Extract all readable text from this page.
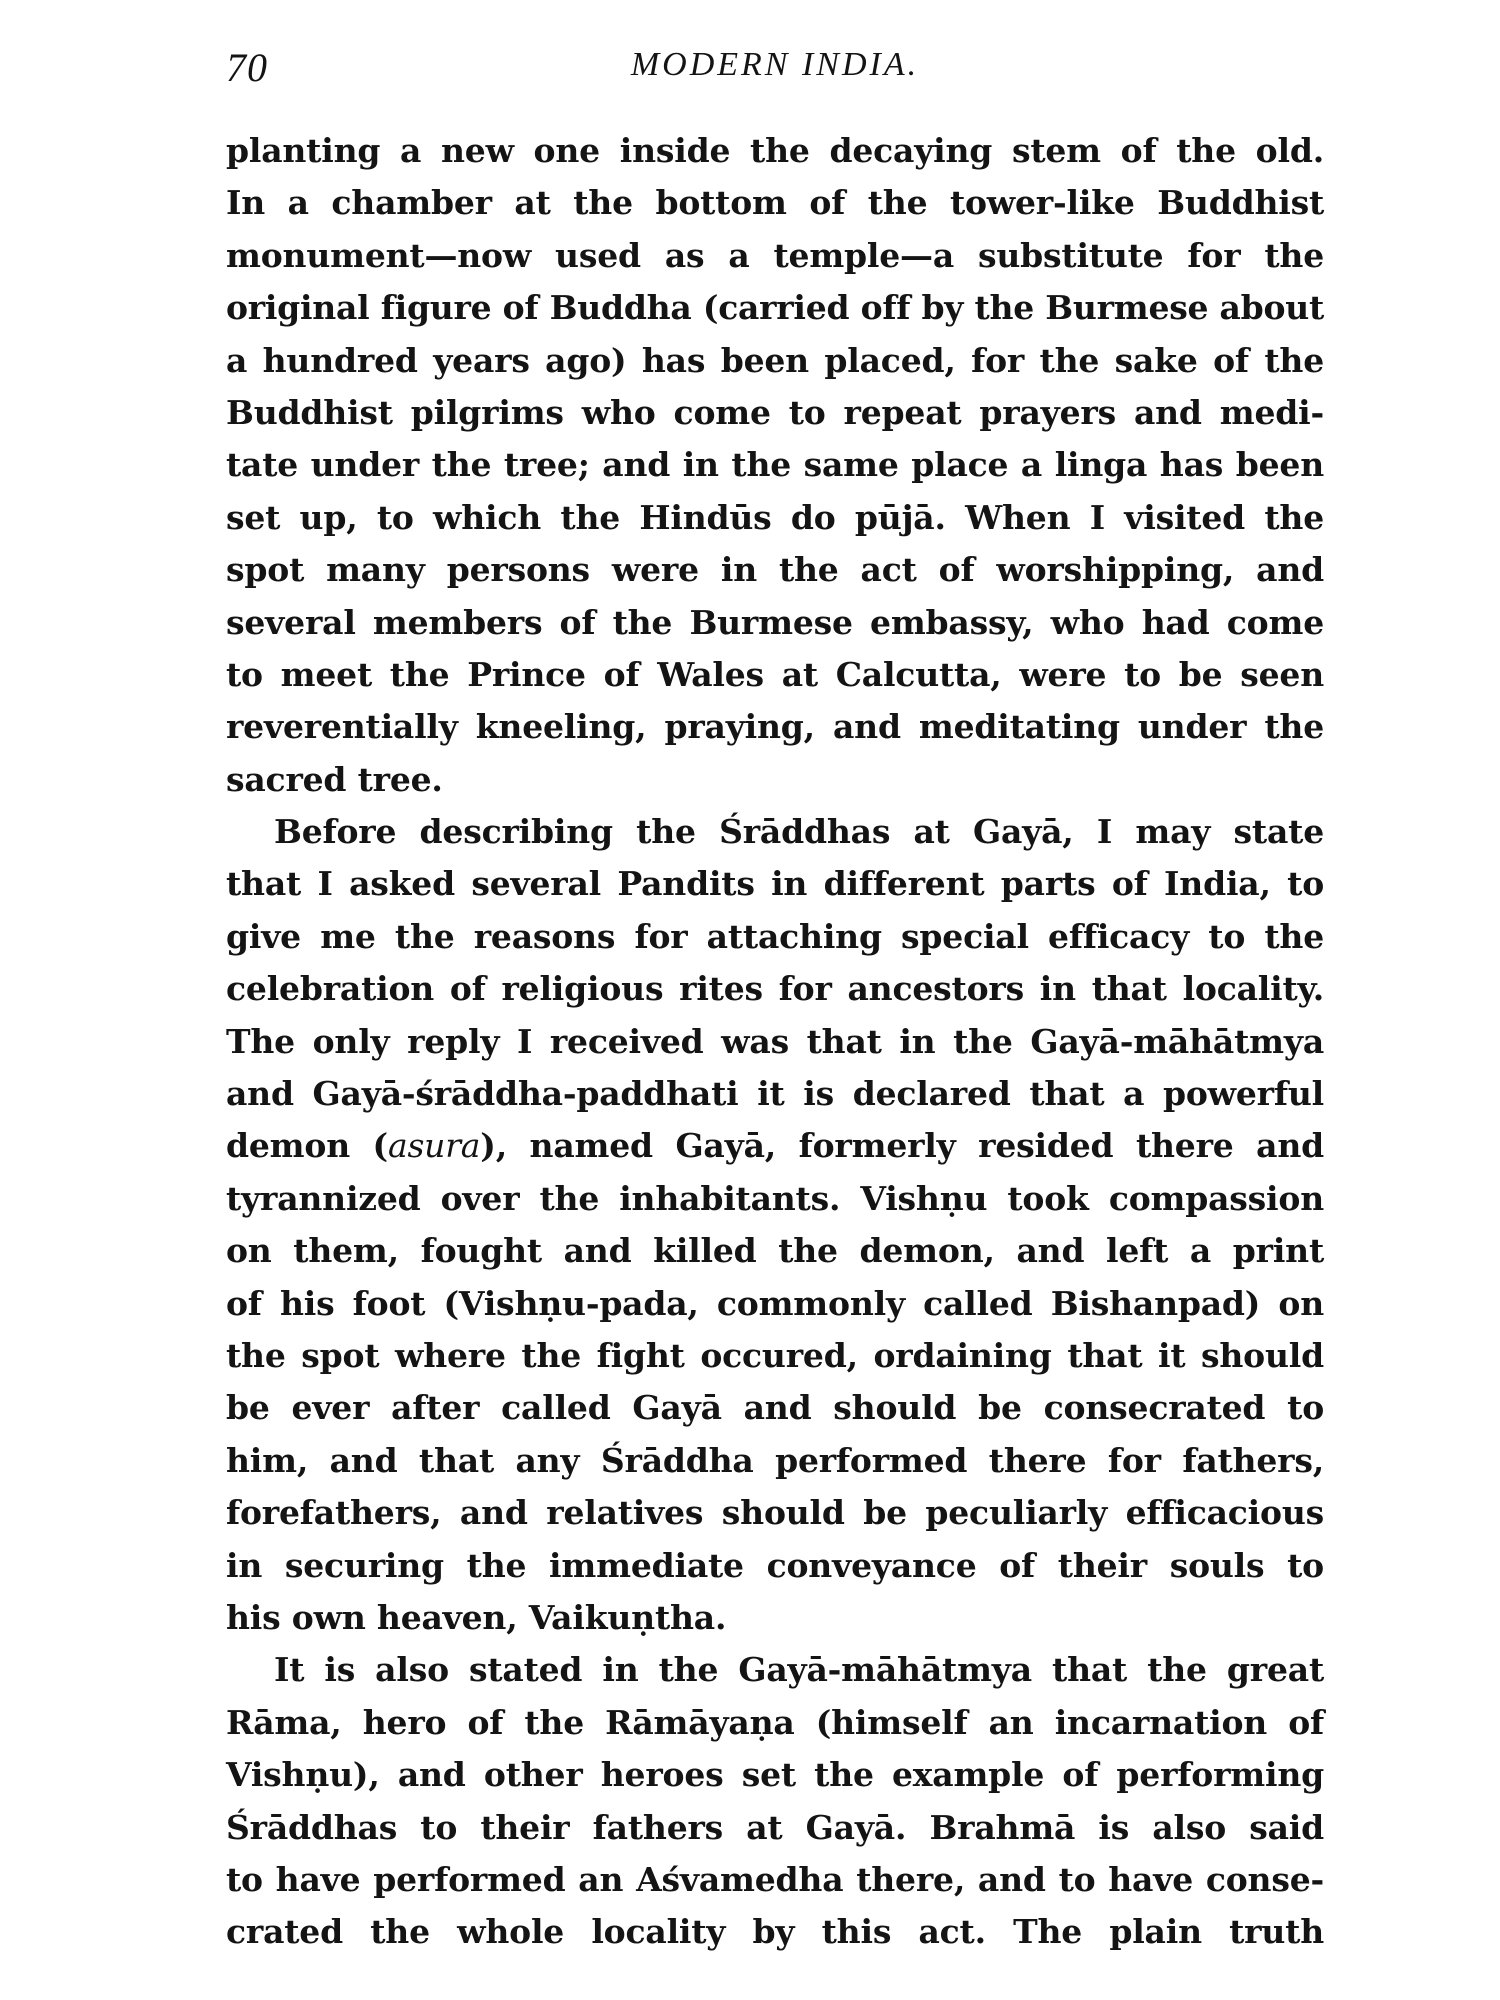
70	MODERN INDIA.
planting a new one inside the decaying stem of the old.
In a chamber at the bottom of the tower-like Buddhist
monument—now used as a temple—a substitute for the
original figure of Buddha (carried off by the Burmese about
a hundred years ago) has been placed, for the sake of the
Buddhist pilgrims who come to repeat prayers and medi-
tate under the tree; and in the same place a linga has been
set up, to which the Hindūs do pūjā. When I visited the
spot many persons were in the act of worshipping, and
several members of the Burmese embassy, who had come
to meet the Prince of Wales at Calcutta, were to be seen
reverentially kneeling, praying, and meditating under the
sacred tree.
Before describing the Śrāddhas at Gayā, I may state
that I asked several Pandits in different parts of India, to
give me the reasons for attaching special efficacy to the
celebration of religious rites for ancestors in that locality.
The only reply I received was that in the Gayā-māhātmya
and Gayā-śrāddha-paddhati it is declared that a powerful
demon (asura), named Gayā, formerly resided there and
tyrannized over the inhabitants. Vishṇu took compassion
on them, fought and killed the demon, and left a print
of his foot (Vishṇu-pada, commonly called Bishanpad) on
the spot where the fight occured, ordaining that it should
be ever after called Gayā and should be consecrated to
him, and that any Śrāddha performed there for fathers,
forefathers, and relatives should be peculiarly efficacious
in securing the immediate conveyance of their souls to
his own heaven, Vaikuṇtha.
It is also stated in the Gayā-māhātmya that the great
Rāma, hero of the Rāmāyaṇa (himself an incarnation of
Vishṇu), and other heroes set the example of performing
Śrāddhas to their fathers at Gayā. Brahmā is also said
to have performed an Aśvamedha there, and to have conse-
crated the whole locality by this act. The plain truth
